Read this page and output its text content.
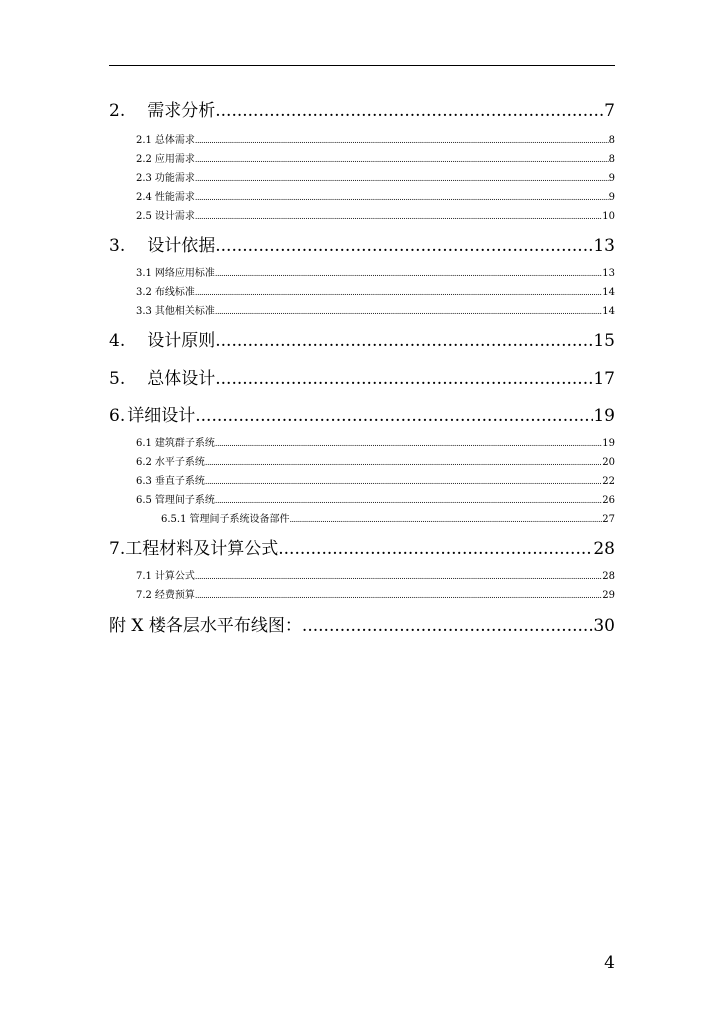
2. 需求分析 .....	7
2.1 总体需求 .....	8
2.2 应用需求 .....	8
2.3 功能需求 .....	9
2.4 性能需求 .....	9
2.5 设计需求 .....	10
3. 设计依据 .....	13
3.1 网络应用标准 .....	13
3.2 布线标准 .....	14
3.3 其他相关标准 .....	14
4. 设计原则 .....	15
5. 总体设计 .....	17
6. 详细设计 .....	19
6.1 建筑群子系统 .....	19
6.2 水平子系统 .....	20
6.3 垂直子系统 .....	22
6.5 管理间子系统 .....	26
6.5.1 管理间子系统设备部件 .....	27
7. 工程材料及计算公式 .....	28
7.1 计算公式 .....	28
7.2 经费预算 .....	29
附 X 楼各层水平布线图： .....	30
4
